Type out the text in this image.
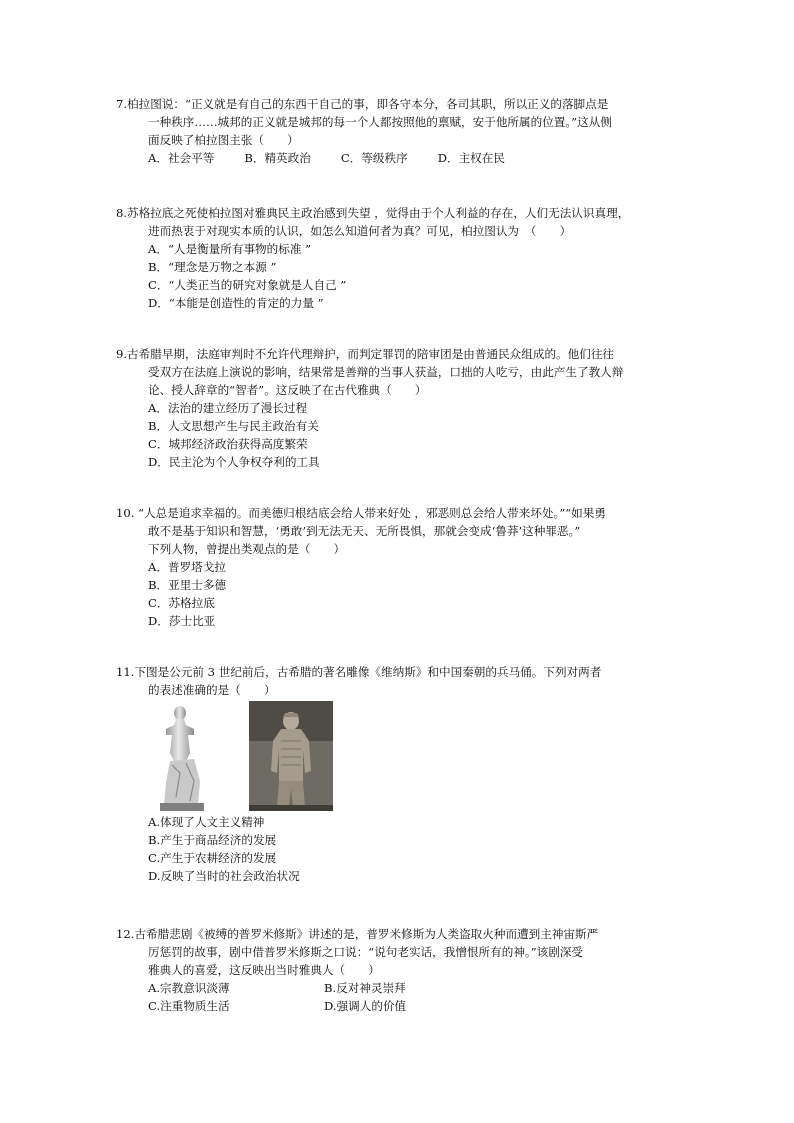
7.柏拉图说：“正义就是有自己的东西干自己的事，即各守本分，各司其职，所以正义的落脚点是
一种秩序……城邦的正义就是城邦的每一个人都按照他的禀赋，安于他所属的位置。”这从侧
面反映了柏拉图主张（　　）
A．社会平等	B．精英政治	C．等级秩序	D．主权在民
8.苏格拉底之死使柏拉图对雅典民主政治感到失望 ，觉得由于个人利益的存在，人们无法认识真理，
进而热衷于对现实本质的认识，如怎么知道何者为真？可见，柏拉图认为　（　　）
A．“人是衡量所有事物的标准 ”
B．“理念是万物之本源 ”
C．“人类正当的研究对象就是人自己 ”
D．“本能是创造性的肯定的力量 ”
9.古希腊早期，法庭审判时不允许代理辩护，而判定罪罚的陪审团是由普通民众组成的。他们往往
受双方在法庭上演说的影响，结果常是善辩的当事人获益，口拙的人吃亏，由此产生了教人辩
论、授人辞章的“智者”。这反映了在古代雅典（　　）
A．法治的建立经历了漫长过程
B．人文思想产生与民主政治有关
C．城邦经济政治获得高度繁荣
D．民主沦为个人争权夺利的工具
10. “人总是追求幸福的。而美德归根结底会给人带来好处 ，邪恶则总会给人带来坏处。”“如果勇
敢不是基于知识和智慧，‘勇敢’到无法无天、无所畏惧，那就会变成‘鲁莽’这种罪恶。”
下列人物，曾提出类观点的是（　　）
A．普罗塔戈拉
B．亚里士多德
C．苏格拉底
D．莎士比亚
11.下图是公元前 3 世纪前后，古希腊的著名雕像《维纳斯》和中国秦朝的兵马俑。下列对两者
的表述准确的是（　　）
A.体现了人文主义精神
B.产生于商品经济的发展
C.产生于农耕经济的发展
D.反映了当时的社会政治状况
12.古希腊悲剧《被缚的普罗米修斯》讲述的是，普罗米修斯为人类盗取火种而遭到主神宙斯严
厉惩罚的故事，剧中借普罗米修斯之口说：“说句老实话，我憎恨所有的神。”该剧深受
雅典人的喜爱，这反映出当时雅典人（　　）
A.宗教意识淡薄	B.反对神灵崇拜
C.注重物质生活	D.强调人的价值
